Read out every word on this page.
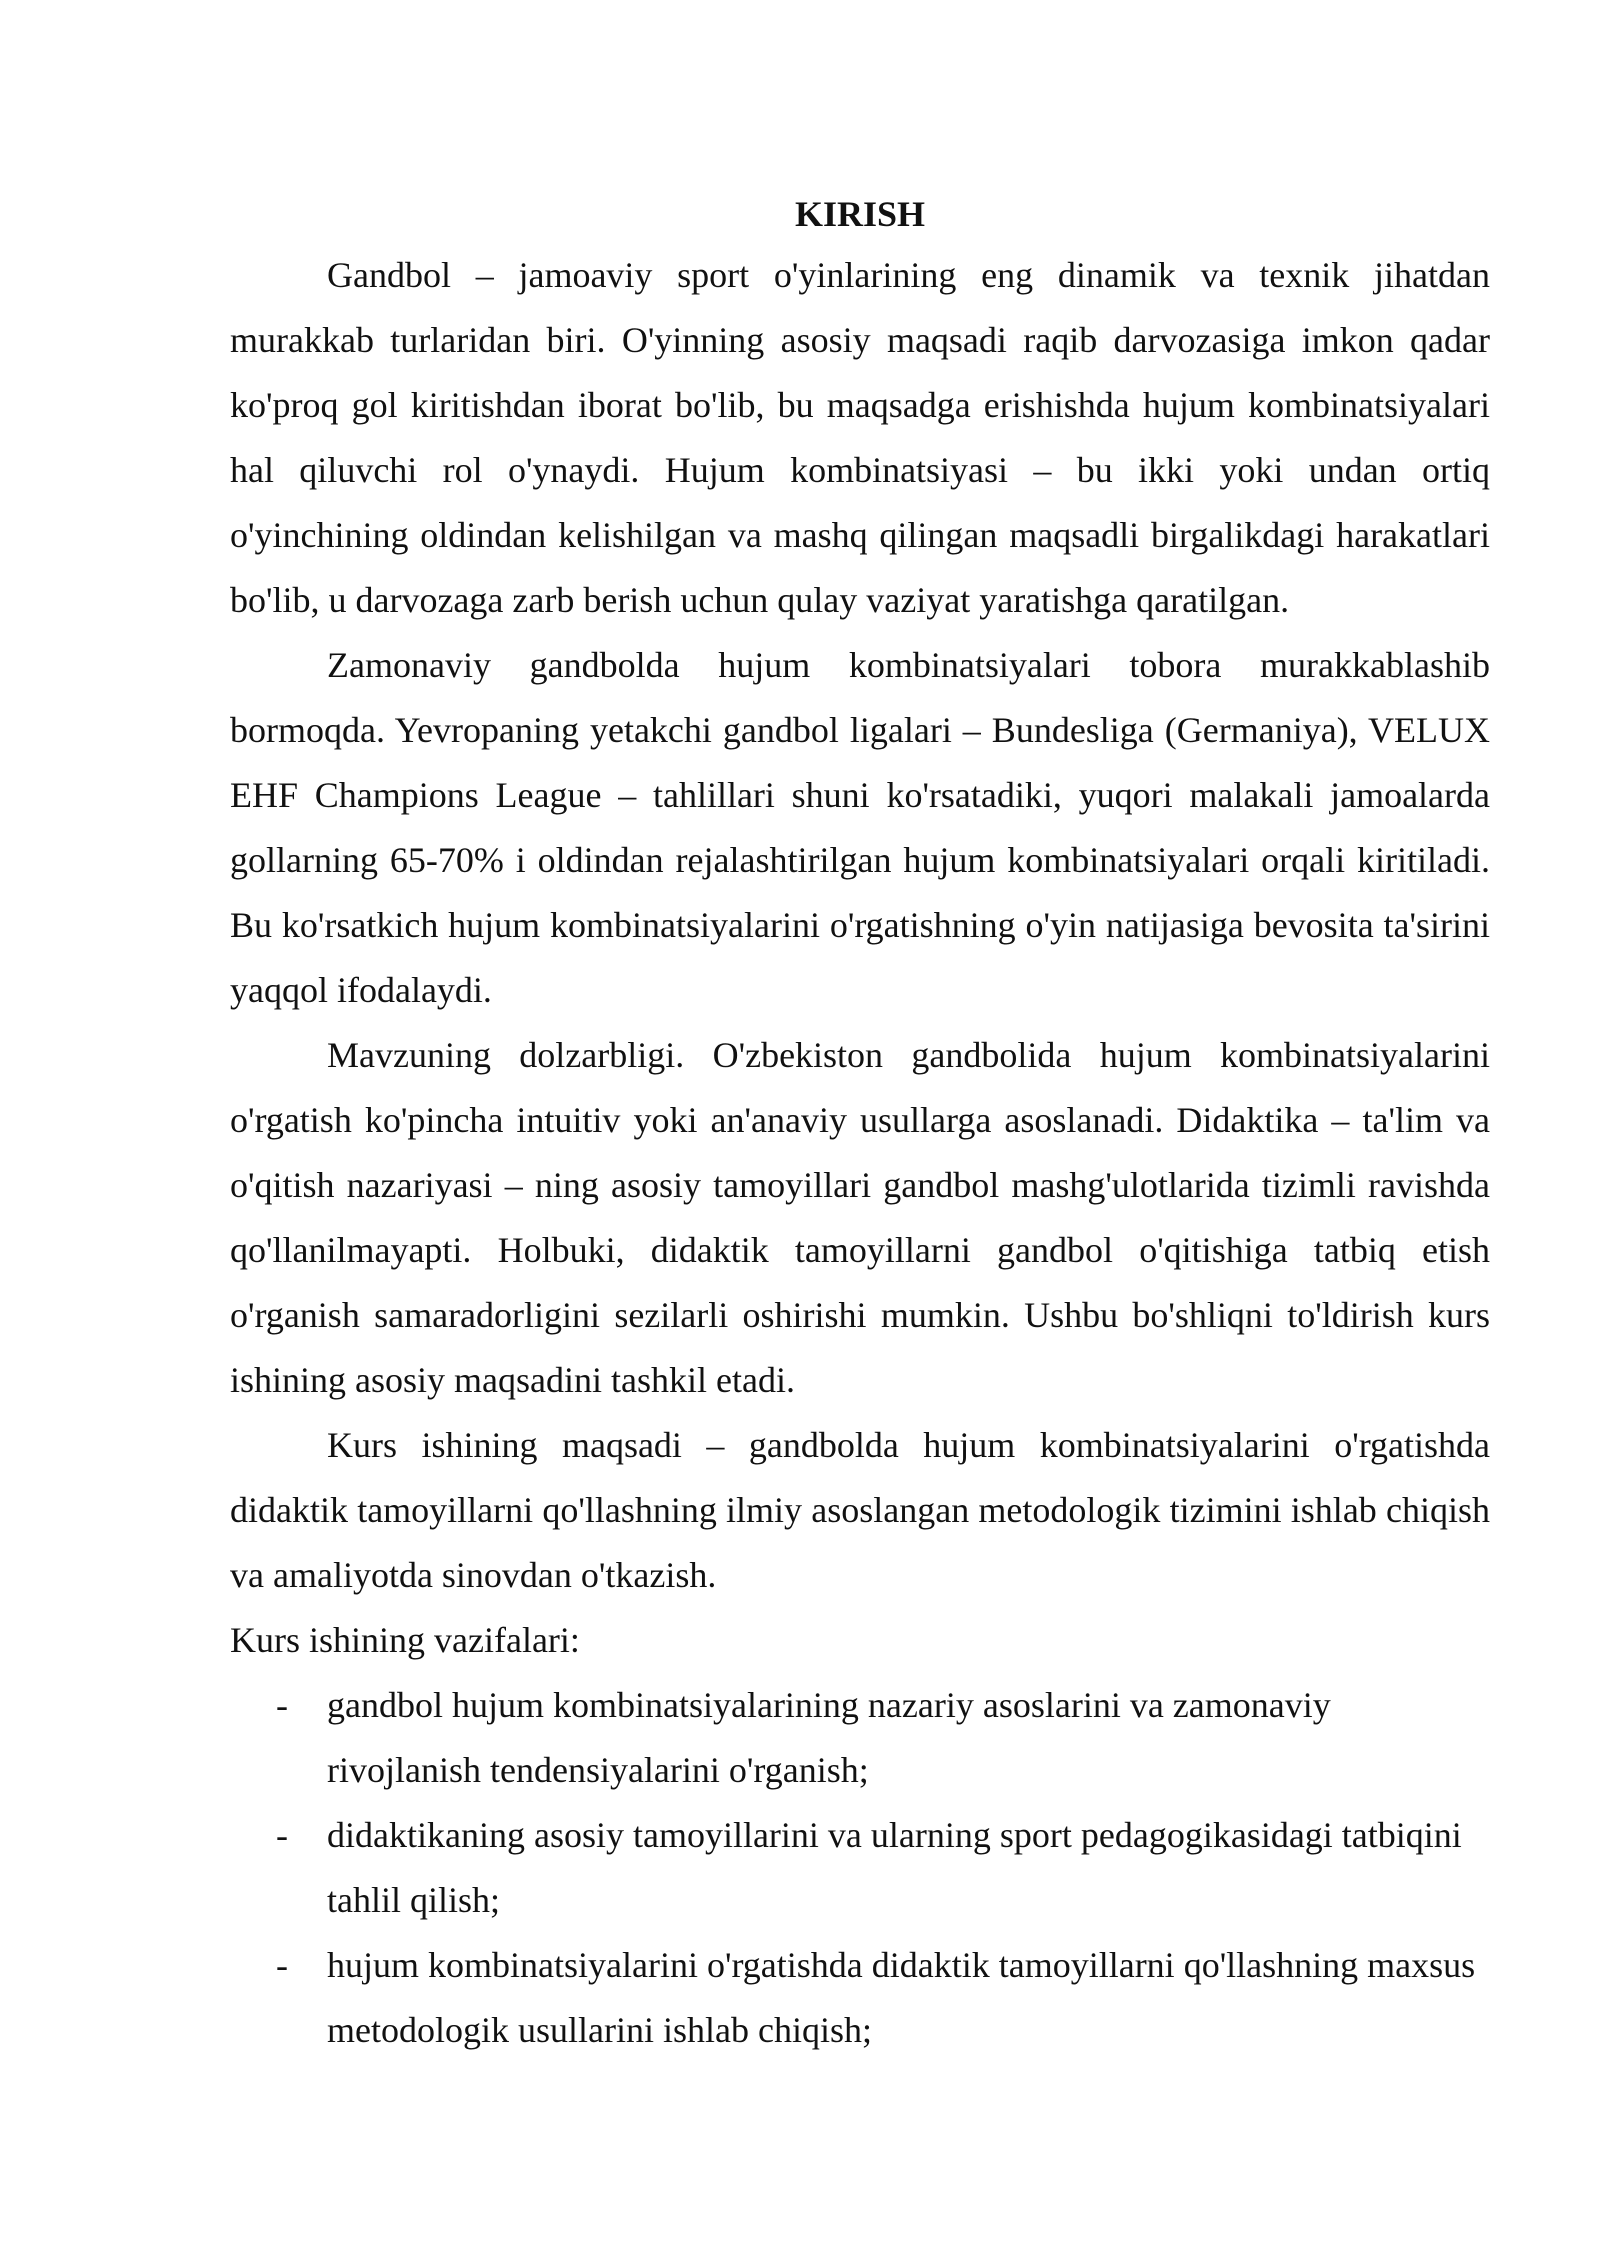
KIRISH

Gandbol – jamoaviy sport o'yinlarining eng dinamik va texnik jihatdan murakkab turlaridan biri. O'yinning asosiy maqsadi raqib darvozasiga imkon qadar ko'proq gol kiritishdan iborat bo'lib, bu maqsadga erishishda hujum kombinatsiyalari hal qiluvchi rol o'ynaydi. Hujum kombinatsiyasi – bu ikki yoki undan ortiq o'yinchining oldindan kelishilgan va mashq qilingan maqsadli birgalikdagi harakatlari bo'lib, u darvozaga zarb berish uchun qulay vaziyat yaratishga qaratilgan.

Zamonaviy gandbolda hujum kombinatsiyalari tobora murakkablashib bormoqda. Yevropaning yetakchi gandbol ligalari – Bundesliga (Germaniya), VELUX EHF Champions League – tahlillari shuni ko'rsatadiki, yuqori malakali jamoalarda gollarning 65-70% i oldindan rejalashtirilgan hujum kombinatsiyalari orqali kiritiladi. Bu ko'rsatkich hujum kombinatsiyalarini o'rgatishning o'yin natijasiga bevosita ta'sirini yaqqol ifodalaydi.

Mavzuning dolzarbligi. O'zbekiston gandbolida hujum kombinatsiyalarini o'rgatish ko'pincha intuitiv yoki an'anaviy usullarga asoslanadi. Didaktika – ta'lim va o'qitish nazariyasi – ning asosiy tamoyillari gandbol mashg'ulotlarida tizimli ravishda qo'llanilmayapti. Holbuki, didaktik tamoyillarni gandbol o'qitishiga tatbiq etish o'rganish samaradorligini sezilarli oshirishi mumkin. Ushbu bo'shliqni to'ldirish kurs ishining asosiy maqsadini tashkil etadi.

Kurs ishining maqsadi – gandbolda hujum kombinatsiyalarini o'rgatishda didaktik tamoyillarni qo'llashning ilmiy asoslangan metodologik tizimini ishlab chiqish va amaliyotda sinovdan o'tkazish.

Kurs ishining vazifalari:

- gandbol hujum kombinatsiyalarining nazariy asoslarini va zamonaviy rivojlanish tendensiyalarini o'rganish;
- didaktikaning asosiy tamoyillarini va ularning sport pedagogikasidagi tatbiqini tahlil qilish;
- hujum kombinatsiyalarini o'rgatishda didaktik tamoyillarni qo'llashning maxsus metodologik usullarini ishlab chiqish;
